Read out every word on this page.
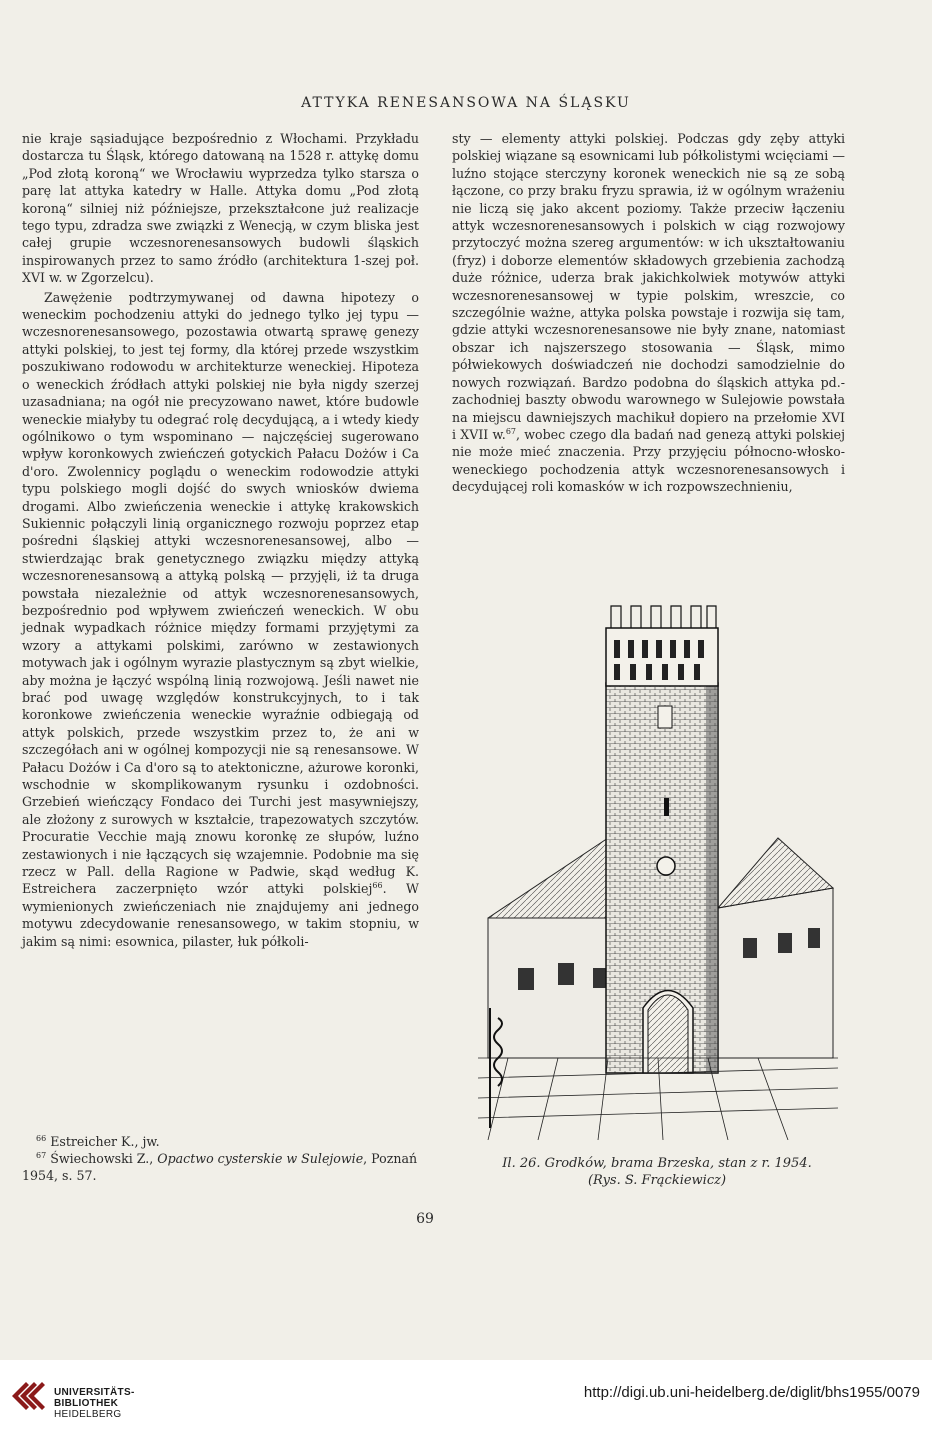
ATTYKA RENESANSOWA NA ŚLĄSKU

nie kraje sąsiadujące bezpośrednio z Włochami. Przykładu dostarcza tu Śląsk, którego datowaną na 1528 r. attykę domu „Pod złotą koroną“ we Wrocławiu wyprzedza tylko starsza o parę lat attyka katedry w Halle. Attyka domu „Pod złotą koroną“ silniej niż późniejsze, przekształcone już realizacje tego typu, zdradza swe związki z Wenecją, w czym bliska jest całej grupie wczesnorenesansowych budowli śląskich inspirowanych przez to samo źródło (architektura 1-szej poł. XVI w. w Zgorzelcu).

Zawężenie podtrzymywanej od dawna hipotezy o weneckim pochodzeniu attyki do jednego tylko jej typu — wczesnorenesansowego, pozostawia otwartą sprawę genezy attyki polskiej, to jest tej formy, dla której przede wszystkim poszukiwano rodowodu w architekturze weneckiej. Hipoteza o weneckich źródłach attyki polskiej nie była nigdy szerzej uzasadniana; na ogół nie precyzowano nawet, które budowle weneckie miałyby tu odegrać rolę decydującą, a i wtedy kiedy ogólnikowo o tym wspominano — najczęściej sugerowano wpływ koronkowych zwieńczeń gotyckich Pałacu Dożów i Ca d'oro. Zwolennicy poglądu o weneckim rodowodzie attyki typu polskiego mogli dojść do swych wniosków dwiema drogami. Albo zwieńczenia weneckie i attykę krakowskich Sukiennic połączyli linią organicznego rozwoju poprzez etap pośredni śląskiej attyki wczesnorenesansowej, albo — stwierdzając brak genetycznego związku między attyką wczesnorenesansową a attyką polską — przyjęli, iż ta druga powstała niezależnie od attyk wczesnorenesansowych, bezpośrednio pod wpływem zwieńczeń weneckich. W obu jednak wypadkach różnice między formami przyjętymi za wzory a attykami polskimi, zarówno w zestawionych motywach jak i ogólnym wyrazie plastycznym są zbyt wielkie, aby można je łączyć wspólną linią rozwojową. Jeśli nawet nie brać pod uwagę względów konstrukcyjnych, to i tak koronkowe zwieńczenia weneckie wyraźnie odbiegają od attyk polskich, przede wszystkim przez to, że ani w szczegółach ani w ogólnej kompozycji nie są renesansowe. W Pałacu Dożów i Ca d'oro są to atektoniczne, ażurowe koronki, wschodnie w skomplikowanym rysunku i ozdobności. Grzebień wieńczący Fondaco dei Turchi jest masywniejszy, ale złożony z surowych w kształcie, trapezowatych szczytów. Procuratie Vecchie mają znowu koronkę ze słupów, luźno zestawionych i nie łączących się wzajemnie. Podobnie ma się rzecz w Pall. della Ragione w Padwie, skąd według K. Estreichera zaczerpnięto wzór attyki polskiej$^{66}$. W wymienionych zwieńczeniach nie znajdujemy ani jednego motywu zdecydowanie renesansowego, w takim stopniu, w jakim są nimi: esownica, pilaster, łuk półkoli-

sty — elementy attyki polskiej. Podczas gdy zęby attyki polskiej wiązane są esownicami lub półkolistymi wcięciami — luźno stojące sterczyny koronek weneckich nie są ze sobą łączone, co przy braku fryzu sprawia, iż w ogólnym wrażeniu nie liczą się jako akcent poziomy. Także przeciw łączeniu attyk wczesnorenesansowych i polskich w ciąg rozwojowy przytoczyć można szereg argumentów: w ich ukształtowaniu (fryz) i doborze elementów składowych grzebienia zachodzą duże różnice, uderza brak jakichkolwiek motywów attyki wczesnorenesansowej w typie polskim, wreszcie, co szczególnie ważne, attyka polska powstaje i rozwija się tam, gdzie attyki wczesnorenesansowe nie były znane, natomiast obszar ich najszerszego stosowania — Śląsk, mimo półwiekowych doświadczeń nie dochodzi samodzielnie do nowych rozwiązań. Bardzo podobna do śląskich attyka pd.-zachodniej baszty obwodu warownego w Sulejowie powstała na miejscu dawniejszych machikuł dopiero na przełomie XVI i XVII w.$^{67}$, wobec czego dla badań nad genezą attyki polskiej nie może mieć znaczenia. Przy przyjęciu północno-włosko-weneckiego pochodzenia attyk wczesnorenesansowych i decydującej roli komasków w ich rozpowszechnieniu,

Il. 26. Grodków, brama Brzeska, stan z r. 1954.
(Rys. S. Frąckiewicz)

$^{66}$ Estreicher K., jw.

$^{67}$ Świechowski Z., Opactwo cysterskie w Sulejowie, Poznań 1954, s. 57.

69
UNIVERSITÄTS-
BIBLIOTHEK
HEIDELBERG
http://digi.ub.uni-heidelberg.de/diglit/bhs1955/0079
